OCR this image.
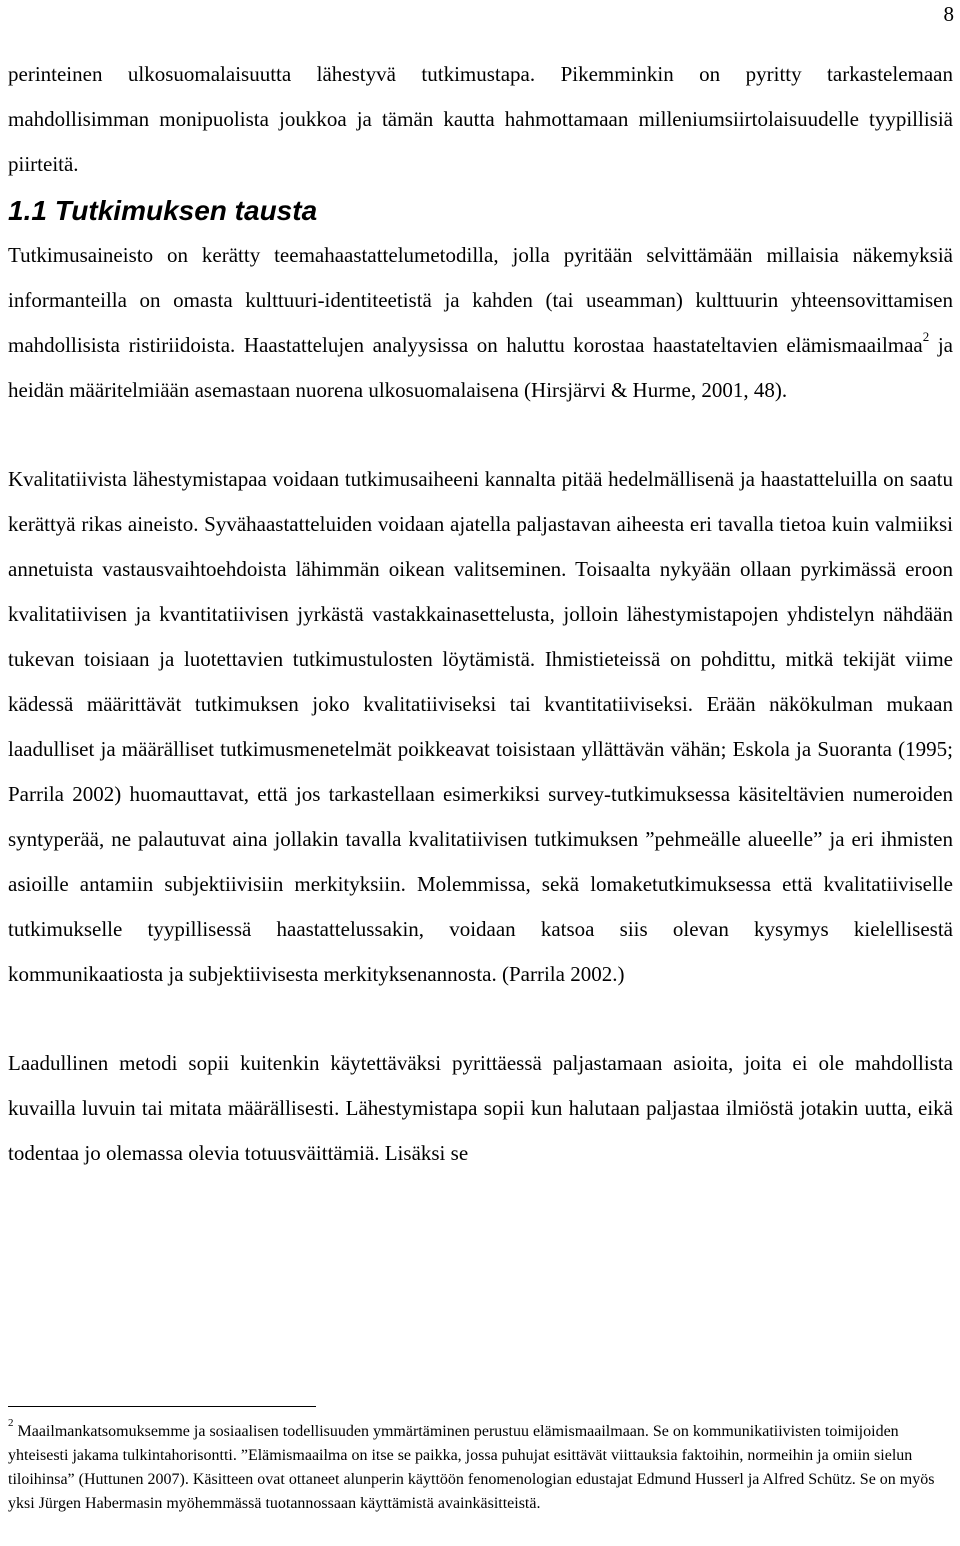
8

perinteinen ulkosuomalaisuutta lähestyvä tutkimustapa. Pikemminkin on pyritty tarkastelemaan mahdollisimman monipuolista joukkoa ja tämän kautta hahmottamaan milleniumsiirtolaisuudelle tyypillisiä piirteitä.

1.1 Tutkimuksen tausta

Tutkimusaineisto on kerätty teemahaastattelumetodilla, jolla pyritään selvittämään millaisia näkemyksiä informanteilla on omasta kulttuuri-identiteetistä ja kahden (tai useamman) kulttuurin yhteensovittamisen mahdollisista ristiriidoista. Haastattelujen analyysissa on haluttu korostaa haastateltavien elämismaailmaa$^2$ ja heidän määritelmiään asemastaan nuorena ulkosuomalaisena (Hirsjärvi & Hurme, 2001, 48).

Kvalitatiivista lähestymistapaa voidaan tutkimusaiheeni kannalta pitää hedelmällisenä ja haastatteluilla on saatu kerättyä rikas aineisto. Syvähaastatteluiden voidaan ajatella paljastavan aiheesta eri tavalla tietoa kuin valmiiksi annetuista vastausvaihtoehdoista lähimmän oikean valitseminen. Toisaalta nykyään ollaan pyrkimässä eroon kvalitatiivisen ja kvantitatiivisen jyrkästä vastakkainasettelusta, jolloin lähestymistapojen yhdistelyn nähdään tukevan toisiaan ja luotettavien tutkimustulosten löytämistä. Ihmistieteissä on pohdittu, mitkä tekijät viime kädessä määrittävät tutkimuksen joko kvalitatiiviseksi tai kvantitatiiviseksi. Erään näkökulman mukaan laadulliset ja määrälliset tutkimusmenetelmät poikkeavat toisistaan yllättävän vähän; Eskola ja Suoranta (1995; Parrila 2002) huomauttavat, että jos tarkastellaan esimerkiksi survey-tutkimuksessa käsiteltävien numeroiden syntyperää, ne palautuvat aina jollakin tavalla kvalitatiivisen tutkimuksen ”pehmeälle alueelle” ja eri ihmisten asioille antamiin subjektiivisiin merkityksiin. Molemmissa, sekä lomaketutkimuksessa että kvalitatiiviselle tutkimukselle tyypillisessä haastattelussakin, voidaan katsoa siis olevan kysymys kielellisestä kommunikaatiosta ja subjektiivisesta merkityksenannosta. (Parrila 2002.)

Laadullinen metodi sopii kuitenkin käytettäväksi pyrittäessä paljastamaan asioita, joita ei ole mahdollista kuvailla luvuin tai mitata määrällisesti. Lähestymistapa sopii kun halutaan paljastaa ilmiöstä jotakin uutta, eikä todentaa jo olemassa olevia totuusväittämiä. Lisäksi se

$^2$ Maailmankatsomuksemme ja sosiaalisen todellisuuden ymmärtäminen perustuu elämismaailmaan. Se on kommunikatiivisten toimijoiden yhteisesti jakama tulkintahorisontti. ”Elämismaailma on itse se paikka, jossa puhujat esittävät viittauksia faktoihin, normeihin ja omiin sielun tiloihinsa” (Huttunen 2007). Käsitteen ovat ottaneet alunperin käyttöön fenomenologian edustajat Edmund Husserl ja Alfred Schütz. Se on myös yksi Jürgen Habermasin myöhemmässä tuotannossaan käyttämistä avainkäsitteistä.
